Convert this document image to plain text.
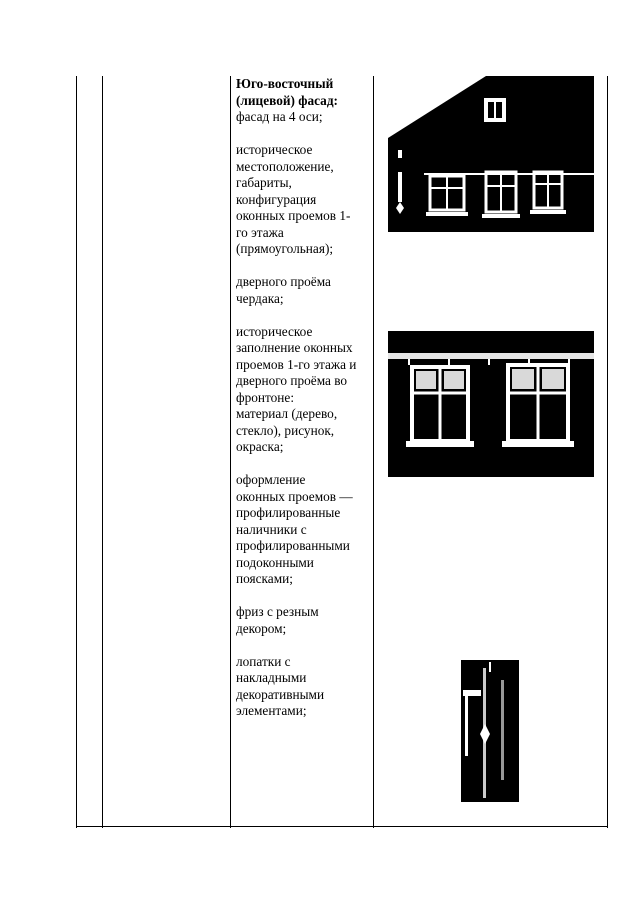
Юго-восточный
(лицевой) фасад:
фасад на 4 оси;

историческое
местоположение,
габариты,
конфигурация
оконных проемов 1-
го этажа
(прямоугольная);

дверного проёма
чердака;

историческое
заполнение оконных
проемов 1-го этажа и
дверного проёма во
фронтоне:
материал (дерево,
стекло), рисунок,
окраска;

оформление
оконных проемов —
профилированные
наличники с
профилированными
подоконными
поясками;

фриз с резным
декором;

лопатки с
накладными
декоративными
элементами;
